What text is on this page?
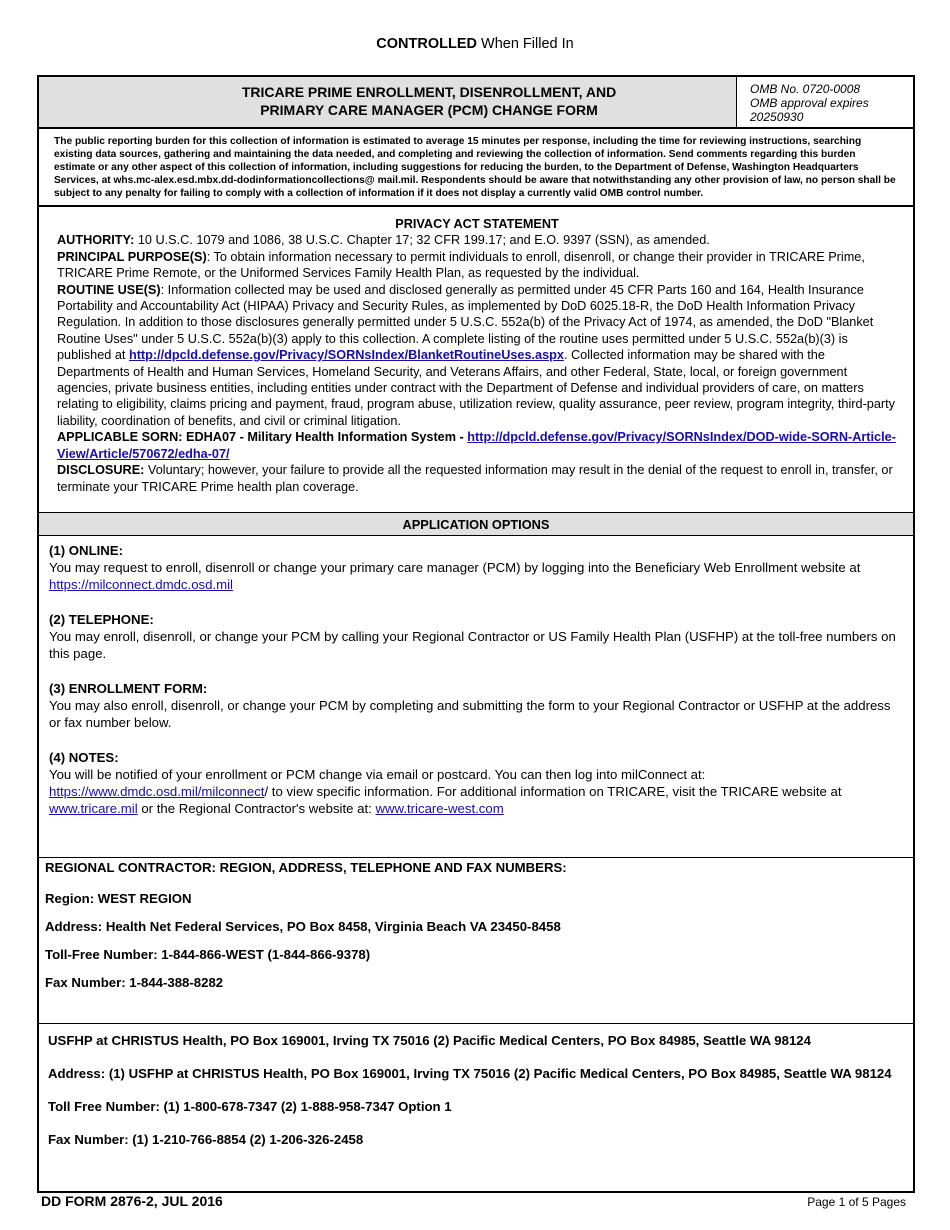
CONTROLLED When Filled In
TRICARE PRIME ENROLLMENT, DISENROLLMENT, AND
PRIMARY CARE MANAGER (PCM) CHANGE FORM
OMB No. 0720-0008
OMB approval expires
20250930
The public reporting burden for this collection of information is estimated to average 15 minutes per response, including the time for reviewing instructions, searching existing data sources, gathering and maintaining the data needed, and completing and reviewing the collection of information. Send comments regarding this burden estimate or any other aspect of this collection of information, including suggestions for reducing the burden, to the Department of Defense, Washington Headquarters Services, at whs.mc-alex.esd.mbx.dd-dodinformationcollections@ mail.mil. Respondents should be aware that notwithstanding any other provision of law, no person shall be subject to any penalty for failing to comply with a collection of information if it does not display a currently valid OMB control number.
PRIVACY ACT STATEMENT

AUTHORITY: 10 U.S.C. 1079 and 1086, 38 U.S.C. Chapter 17; 32 CFR 199.17; and E.O. 9397 (SSN), as amended.

PRINCIPAL PURPOSE(S): To obtain information necessary to permit individuals to enroll, disenroll, or change their provider in TRICARE Prime, TRICARE Prime Remote, or the Uniformed Services Family Health Plan, as requested by the individual.

ROUTINE USE(S): Information collected may be used and disclosed generally as permitted under 45 CFR Parts 160 and 164, Health Insurance Portability and Accountability Act (HIPAA) Privacy and Security Rules, as implemented by DoD 6025.18-R, the DoD Health Information Privacy Regulation. In addition to those disclosures generally permitted under 5 U.S.C. 552a(b) of the Privacy Act of 1974, as amended, the DoD "Blanket Routine Uses" under 5 U.S.C. 552a(b)(3) apply to this collection. A complete listing of the routine uses permitted under 5 U.S.C. 552a(b)(3) is published at http://dpcld.defense.gov/Privacy/SORNsIndex/BlanketRoutineUses.aspx. Collected information may be shared with the Departments of Health and Human Services, Homeland Security, and Veterans Affairs, and other Federal, State, local, or foreign government agencies, private business entities, including entities under contract with the Department of Defense and individual providers of care, on matters relating to eligibility, claims pricing and payment, fraud, program abuse, utilization review, quality assurance, peer review, program integrity, third-party liability, coordination of benefits, and civil or criminal litigation.

APPLICABLE SORN: EDHA07 - Military Health Information System - http://dpcld.defense.gov/Privacy/SORNsIndex/DOD-wide-SORN-Article-View/Article/570672/edha-07/

DISCLOSURE: Voluntary; however, your failure to provide all the requested information may result in the denial of the request to enroll in, transfer, or terminate your TRICARE Prime health plan coverage.

APPLICATION OPTIONS
(1) ONLINE:
You may request to enroll, disenroll or change your primary care manager (PCM) by logging into the Beneficiary Web Enrollment website at https://milconnect.dmdc.osd.mil
(2) TELEPHONE:
You may enroll, disenroll, or change your PCM by calling your Regional Contractor or US Family Health Plan (USFHP) at the toll-free numbers on this page.
(3) ENROLLMENT FORM:
You may also enroll, disenroll, or change your PCM by completing and submitting the form to your Regional Contractor or USFHP at the address or fax number below.
(4) NOTES:
You will be notified of your enrollment or PCM change via email or postcard. You can then log into milConnect at: https://www.dmdc.osd.mil/milconnect/ to view specific information. For additional information on TRICARE, visit the TRICARE website at www.tricare.mil or the Regional Contractor's website at: www.tricare-west.com
REGIONAL CONTRACTOR: REGION, ADDRESS, TELEPHONE AND FAX NUMBERS:
Region: WEST REGION
Address: Health Net Federal Services, PO Box 8458, Virginia Beach VA 23450-8458
Toll-Free Number: 1-844-866-WEST (1-844-866-9378)
Fax Number: 1-844-388-8282
USFHP at CHRISTUS Health, PO Box 169001, Irving TX 75016 (2) Pacific Medical Centers, PO Box 84985, Seattle WA 98124
Address: (1) USFHP at CHRISTUS Health, PO Box 169001, Irving TX 75016 (2) Pacific Medical Centers, PO Box 84985, Seattle WA 98124
Toll Free Number: (1) 1-800-678-7347 (2) 1-888-958-7347 Option 1
Fax Number: (1) 1-210-766-8854 (2) 1-206-326-2458
DD FORM 2876-2, JUL 2016	Page 1 of 5 Pages
